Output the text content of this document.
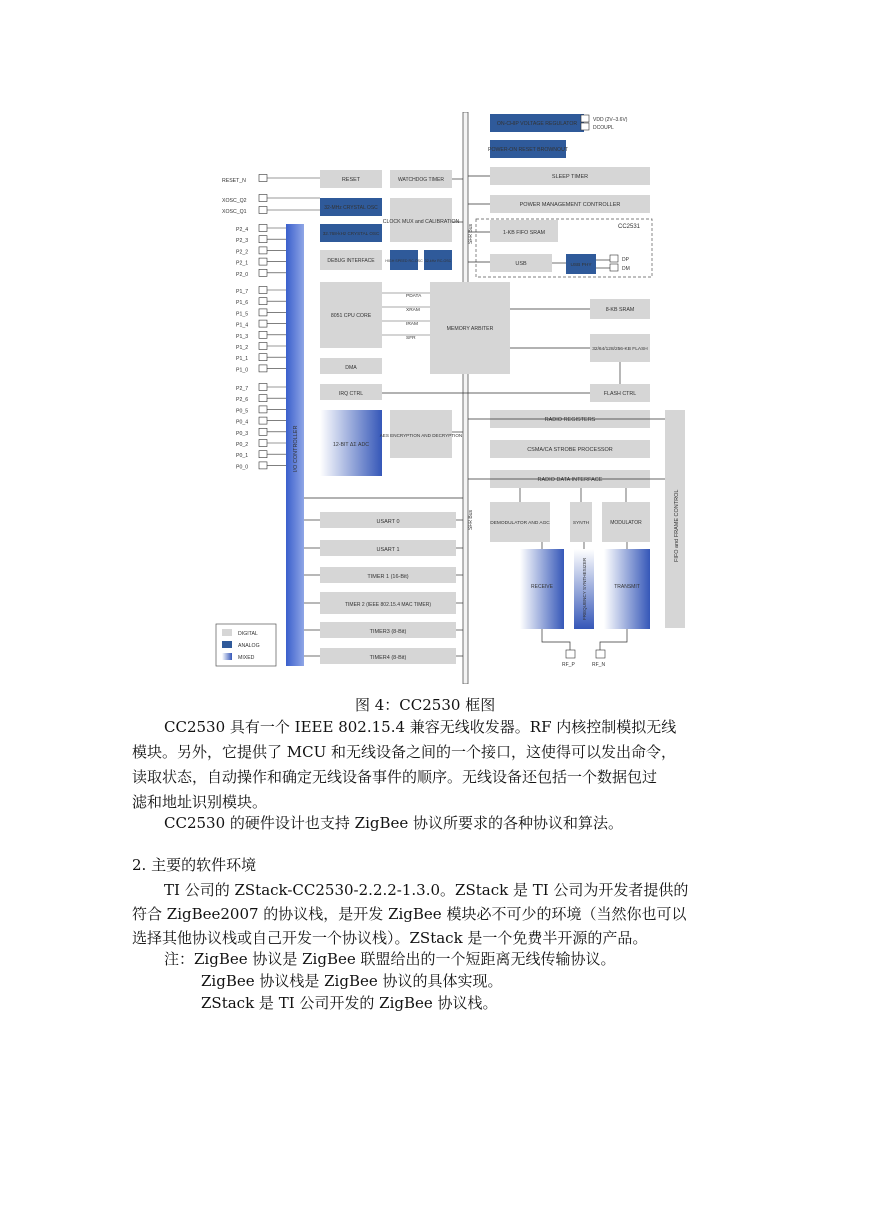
SFR Bus
SFR Bus
ON-CHIP VOLTAGE REGULATOR
VDD (2V–3.6V)
DCOUPL
POWER-ON RESET BROWNOUT
SLEEP TIMER
POWER MANAGEMENT CONTROLLER
CC2531
1-KB FIFO SRAM
USB	USB PHY
DP
DM
8-KB SRAM
32/64/128/256-KB FLASH
FLASH CTRL
RADIO REGISTERS
CSMA/CA STROBE PROCESSOR
RADIO DATA INTERFACE
FIFO and FRAME CONTROL
DEMODULATOR AND AGC	SYNTH	MODULATOR
RECEIVE	FREQUENCY SYNTHESIZER	TRANSMIT
RF_P	RF_N
RESET_N
XOSC_Q2
XOSC_Q1
RESET	WATCHDOG TIMER
32-MHz CRYSTAL OSC
32.768-kHz CRYSTAL OSC
CLOCK MUX and CALIBRATION
DEBUG INTERFACE	HIGH SPEED RC-OSC 32-kHz RC-OSC
8051 CPU CORE
PDATA
XRAM
IRAM
SFR
MEMORY ARBITER
DMA
IRQ CTRL
12-BIT ΔΣ ADC
AES ENCRYPTION AND DECRYPTION
I/O CONTROLLER
USART 0
USART 1
TIMER 1 (16-Bit)
TIMER 2 (IEEE 802.15.4 MAC TIMER)
TIMER3 (8-Bit)
TIMER4 (8-Bit)
DIGITAL
ANALOG
MIXED
P2_4
P2_3
P2_2
P2_1
P2_0
P1_7
P1_6
P1_5
P1_4
P1_3
P1_2
P1_1
P1_0
P2_7
P2_6
P0_5
P0_4
P0_3
P0_2
P0_1
P0_0
图 4：CC2530 框图
CC2530 具有一个 IEEE 802.15.4 兼容无线收发器。RF 内核控制模拟无线
模块。另外，它提供了 MCU 和无线设备之间的一个接口，这使得可以发出命令，
读取状态，自动操作和确定无线设备事件的顺序。无线设备还包括一个数据包过
滤和地址识别模块。
CC2530 的硬件设计也支持 ZigBee 协议所要求的各种协议和算法。
2. 主要的软件环境
TI 公司的 ZStack-CC2530-2.2.2-1.3.0。ZStack 是 TI 公司为开发者提供的
符合 ZigBee2007 的协议栈，是开发 ZigBee 模块必不可少的环境（当然你也可以
选择其他协议栈或自己开发一个协议栈）。ZStack 是一个免费半开源的产品。
注：ZigBee 协议是 ZigBee 联盟给出的一个短距离无线传输协议。
ZigBee 协议栈是 ZigBee 协议的具体实现。
ZStack 是 TI 公司开发的 ZigBee 协议栈。
